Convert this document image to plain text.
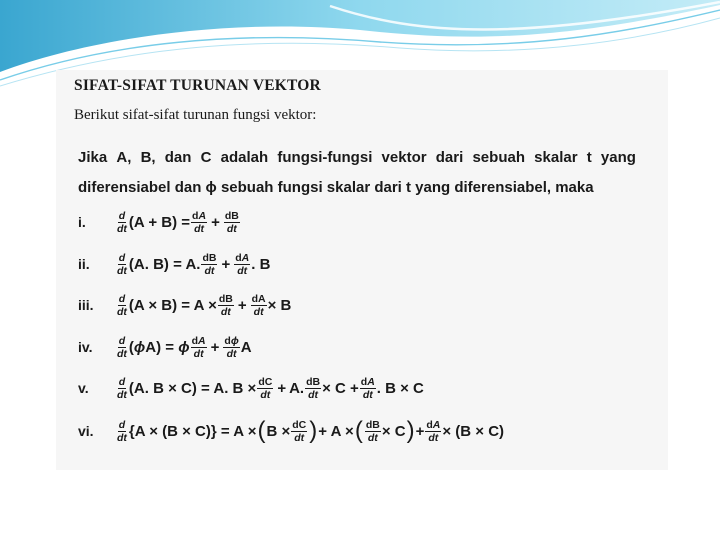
SIFAT-SIFAT TURUNAN VEKTOR
Berikut sifat-sifat turunan fungsi vektor:
Jika A, B, dan C adalah fungsi-fungsi vektor dari sebuah skalar t yang
diferensiabel dan ϕ sebuah fungsi skalar dari t yang diferensiabel, maka
i.	$\frac{d}{dt} (A + B) = \frac{dA}{dt} + \frac{dB}{dt}$
ii.	$\frac{d}{dt} (A$. B) = A. $\frac{dB}{dt} + \frac{dA}{dt}$ . B
iii.	$\frac{d}{dt} (A \times B) = A \times \frac{dB}{dt} + \frac{dA}{dt} \times B$
iv.	$\frac{d}{dt} (\phi A) = \phi \frac{dA}{dt} + \frac{d\phi}{dt}$ A
v.	$\frac{d}{dt} (A$. B × C) = A. $B \times \frac{dC}{dt} + A$. $\frac{dB}{dt} \times C + \frac{dA}{dt}$ . B × C
vi.	$\frac{d}{dt} \{A \times (B \times C)\} = A$ × ( $B \times \frac{dC}{dt}$ ) + A × ( $\frac{dB}{dt} \times C$ ) + $\frac{dA}{dt} \times (B \times C)$
